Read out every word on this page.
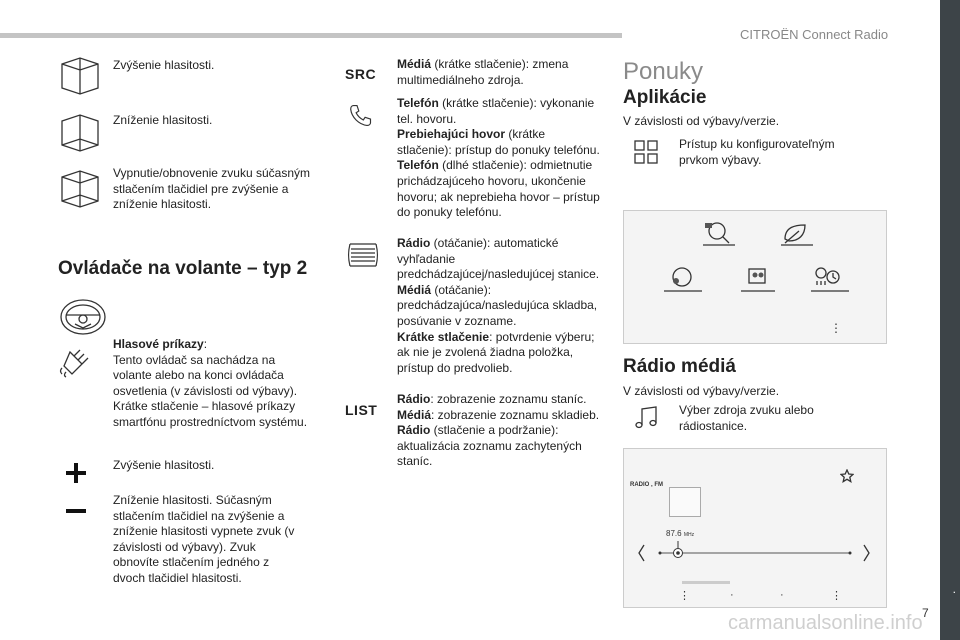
CITROËN Connect Radio
.
carmanualsonline.info 7
Zvýšenie hlasitosti.
Zníženie hlasitosti.
Vypnutie/obnovenie zvuku súčasným stlačením tlačidiel pre zvýšenie a zníženie hlasitosti.
Ovládače na volante – typ 2
Hlasové príkazy:
Tento ovládač sa nachádza na volante alebo na konci ovládača osvetlenia (v závislosti od výbavy). Krátke stlačenie – hlasové príkazy smartfónu prostredníctvom systému.
Zvýšenie hlasitosti.
Zníženie hlasitosti. Súčasným stlačením tlačidiel na zvýšenie a zníženie hlasitosti vypnete zvuk (v závislosti od výbavy). Zvuk obnovíte stlačením jedného z dvoch tlačidiel hlasitosti.
SRC
Médiá (krátke stlačenie): zmena multimediálneho zdroja.
Telefón (krátke stlačenie): vykonanie tel. hovoru.
Prebiehajúci hovor (krátke stlačenie): prístup do ponuky telefónu.
Telefón (dlhé stlačenie): odmietnutie prichádzajúceho hovoru, ukončenie hovoru; ak neprebieha hovor – prístup do ponuky telefónu.
Rádio (otáčanie): automatické vyhľadanie predchádzajúcej/nasledujúcej stanice.
Médiá (otáčanie): predchádzajúca/nasledujúca skladba, posúvanie v zozname.
Krátke stlačenie: potvrdenie výberu; ak nie je zvolená žiadna položka, prístup do predvolieb.
LIST
Rádio: zobrazenie zoznamu staníc.
Médiá: zobrazenie zoznamu skladieb.
Rádio (stlačenie a podržanie): aktualizácia zoznamu zachytených staníc.
Ponuky
Aplikácie
V závislosti od výbavy/verzie.
Prístup ku konfigurovateľným prvkom výbavy.
⋮
Rádio médiá
V závislosti od výbavy/verzie.
Výber zdroja zvuku alebo rádiostanice.
RADIO , FM
87.6 MHz
⋮	·	·	⋮
